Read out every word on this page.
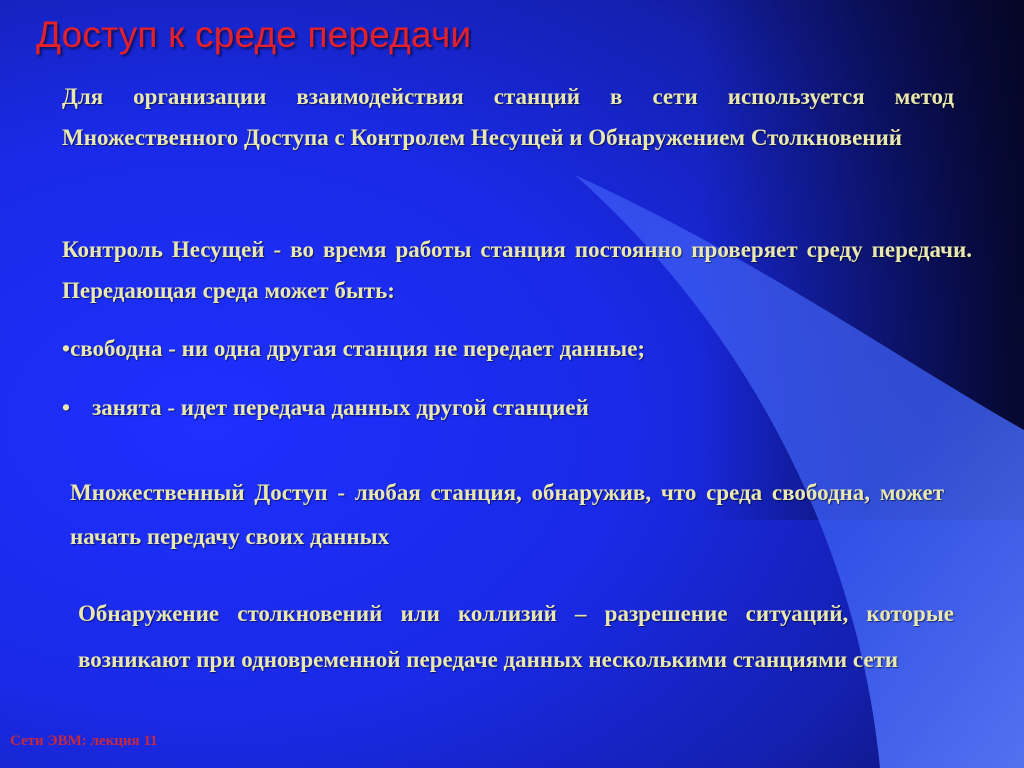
Доступ к среде передачи

Для организации взаимодействия станций в сети используется метод Множественного Доступа с Контролем Несущей и Обнаружением Столкновений

Контроль Несущей - во время работы станция постоянно проверяет среду передачи. Передающая среда может быть:

•свободна - ни одна другая станция не передает данные;

• занята - идет передача данных другой станцией

Множественный Доступ - любая станция, обнаружив, что среда свободна, может начать передачу своих данных

Обнаружение столкновений или коллизий – разрешение ситуаций, которые возникают при одновременной передаче данных несколькими станциями сети

Сети ЭВМ: лекция 11
